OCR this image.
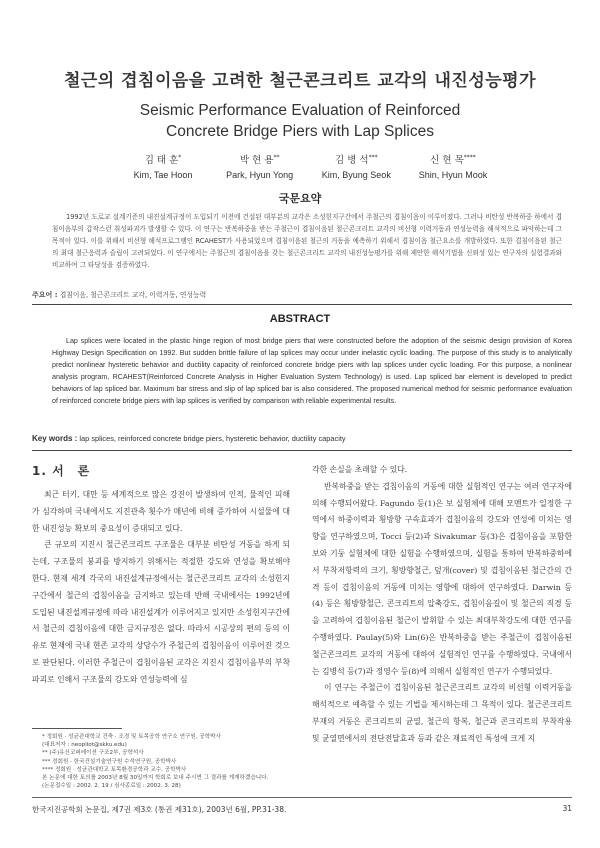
철근의 겹침이음을 고려한 철근콘크리트 교각의 내진성능평가
Seismic Performance Evaluation of Reinforced
Concrete Bridge Piers with Lap Splices
김 태 훈*
Kim, Tae Hoon
박 현 용**
Park, Hyun Yong
김 병 석***
Kim, Byung Seok
신 현 목****
Shin, Hyun Mook
국문요약
1992년 도로교 설계기준의 내진설계규정이 도입되기 이전에 건설된 대부분의 교각은 소성힌지구간에서 주철근의 겹침이음이 이루어졌다. 그러나 비탄성 반복하중 하에서 겹침이음부의 갑작스런 취성파괴가 발생할 수 있다. 이 연구는 반복하중을 받는 주철근이 겹침이음된 철근콘크리트 교각의 비선형 이력거동과 연성능력을 해석적으로 파악하는데 그 목적이 있다. 이를 위해서 비선형 해석프로그램인 RCAHEST가 사용되었으며 겹침이음된 철근의 거동을 예측하기 위해서 겹침이음 철근요소를 개발하였다. 또한 겹침이음된 철근의 최대 철근응력과 슬립이 고려되었다. 이 연구에서는 주철근의 겹침이음을 갖는 철근콘크리트 교각의 내진성능평가를 위해 제안한 해석기법을 신뢰성 있는 연구자의 실험결과와 비교하여 그 타당성을 검증하였다.
주요어 : 겹침이음, 철근콘크리트 교각, 이력거동, 연성능력
ABSTRACT
Lap splices were located in the plastic hinge region of most bridge piers that were constructed before the adoption of the seismic design provision of Korea Highway Design Specification on 1992. But sudden brittle failure of lap splices may occur under inelastic cyclic loading. The purpose of this study is to analytically predict nonlinear hysteretic behavior and ductility capacity of reinforced concrete bridge piers with lap splices under cyclic loading. For this purpose, a nonlinear analysis program, RCAHEST(Reinforced Concrete Analysis in Higher Evaluation System Technology) is used. Lap spliced bar element is developed to predict behaviors of lap spliced bar. Maximum bar stress and slip of lap spliced bar is also considered. The proposed numerical method for seismic performance evaluation of reinforced concrete bridge piers with lap splices is verified by comparison with reliable experimental results.
Key words : lap splices, reinforced concrete bridge piers, hysteretic behavior, ductility capacity
1. 서　론

최근 터키, 대만 등 세계적으로 많은 강진이 발생하여 인적, 물적인 피해가 심각하며 국내에서도 지진관측 횟수가 매년에 비해 증가하여 시설물에 대한 내진성능 확보의 중요성이 증대되고 있다.

큰 규모의 지진시 철근콘크리트 구조물은 대부분 비탄성 거동을 하게 되는데, 구조물의 붕괴를 방지하기 위해서는 적절한 강도와 연성을 확보해야 한다. 현재 세계 각국의 내진설계규정에서는 철근콘크리트 교각의 소성힌지구간에서 철근의 겹침이음을 금지하고 있는데 반해 국내에서는 1992년에 도입된 내진설계규정에 따라 내진설계가 이루어지고 있지만 소성힌지구간에서 철근의 겹침이음에 대한 금지규정은 없다. 따라서 시공상의 편의 등의 이유로 현재에 국내 현존 교각의 상당수가 주철근의 겹침이음이 이루어진 것으로 판단된다. 이러한 주철근이 겹침이음된 교각은 지진시 겹침이음부의 부착파괴로 인해서 구조물의 강도와 연성능력에 심

각한 손실을 초래할 수 있다.

반복하중을 받는 겹침이음의 거동에 대한 실험적인 연구는 여러 연구자에 의해 수행되어왔다. Fagundo 등(1)은 보 실험체에 대해 모멘트가 일정한 구역에서 하중이력과 횡방향 구속효과가 겹침이음의 강도와 연성에 미치는 영향을 연구하였으며, Tocci 등(2)과 Sivakumar 등(3)은 겹침이음을 포함한 보와 기둥 실험체에 대한 실험을 수행하였으며, 실험을 통하여 반복하중하에서 부착저항력의 크기, 횡방향철근, 덮개(cover) 및 겹침이음된 철근간의 간격 등이 겹침이음의 거동에 미치는 영향에 대하여 연구하였다. Darwin 등(4) 등은 횡방향철근, 콘크리트의 압축강도, 겹침이음길이 및 철근의 직경 등을 고려하여 겹침이음된 철근이 발휘할 수 있는 최대부착강도에 대한 연구를 수행하였다. Paulay(5)와 Lin(6)은 반복하중을 받는 주철근이 겹침이음된 철근콘크리트 교각의 거동에 대하여 실험적인 연구를 수행하였다. 국내에서는 김병석 등(7)과 정영수 등(8)에 의해서 실험적인 연구가 수행되었다.

이 연구는 주철근이 겹침이음된 철근콘크리트 교각의 비선형 이력거동을 해석적으로 예측할 수 있는 기법을 제시하는데 그 목적이 있다. 철근콘크리트 부재의 거동은 콘크리트의 균열, 철근의 항복, 철근과 콘크리트의 부착작용 및 균열면에서의 전단전달효과 등과 같은 재료적인 특성에 크게 지

* 정회원 · 성균관대학교 건축 · 조경 및 토목공학 연구소 연구원, 공학박사
(대표저자 : neopilot@skku.edu)
** (주)유신코퍼레이션 구조2부, 공학석사
*** 정회원 · 한국건설기술연구원 수석연구원, 공학박사
**** 정회원 · 성균관대학교 토목환경공학과 교수, 공학박사
본 논문에 대한 토의를 2003년 8월 30일까지 학회로 보내 주시면 그 결과를 게재하겠습니다.
(논문접수일 : 2002. 2. 19 / 심사종료일 : 2002. 3. 28)
한국지진공학회 논문집, 제7권 제3호 (통권 제31호), 2003년 6월, PP.31-38.	31
